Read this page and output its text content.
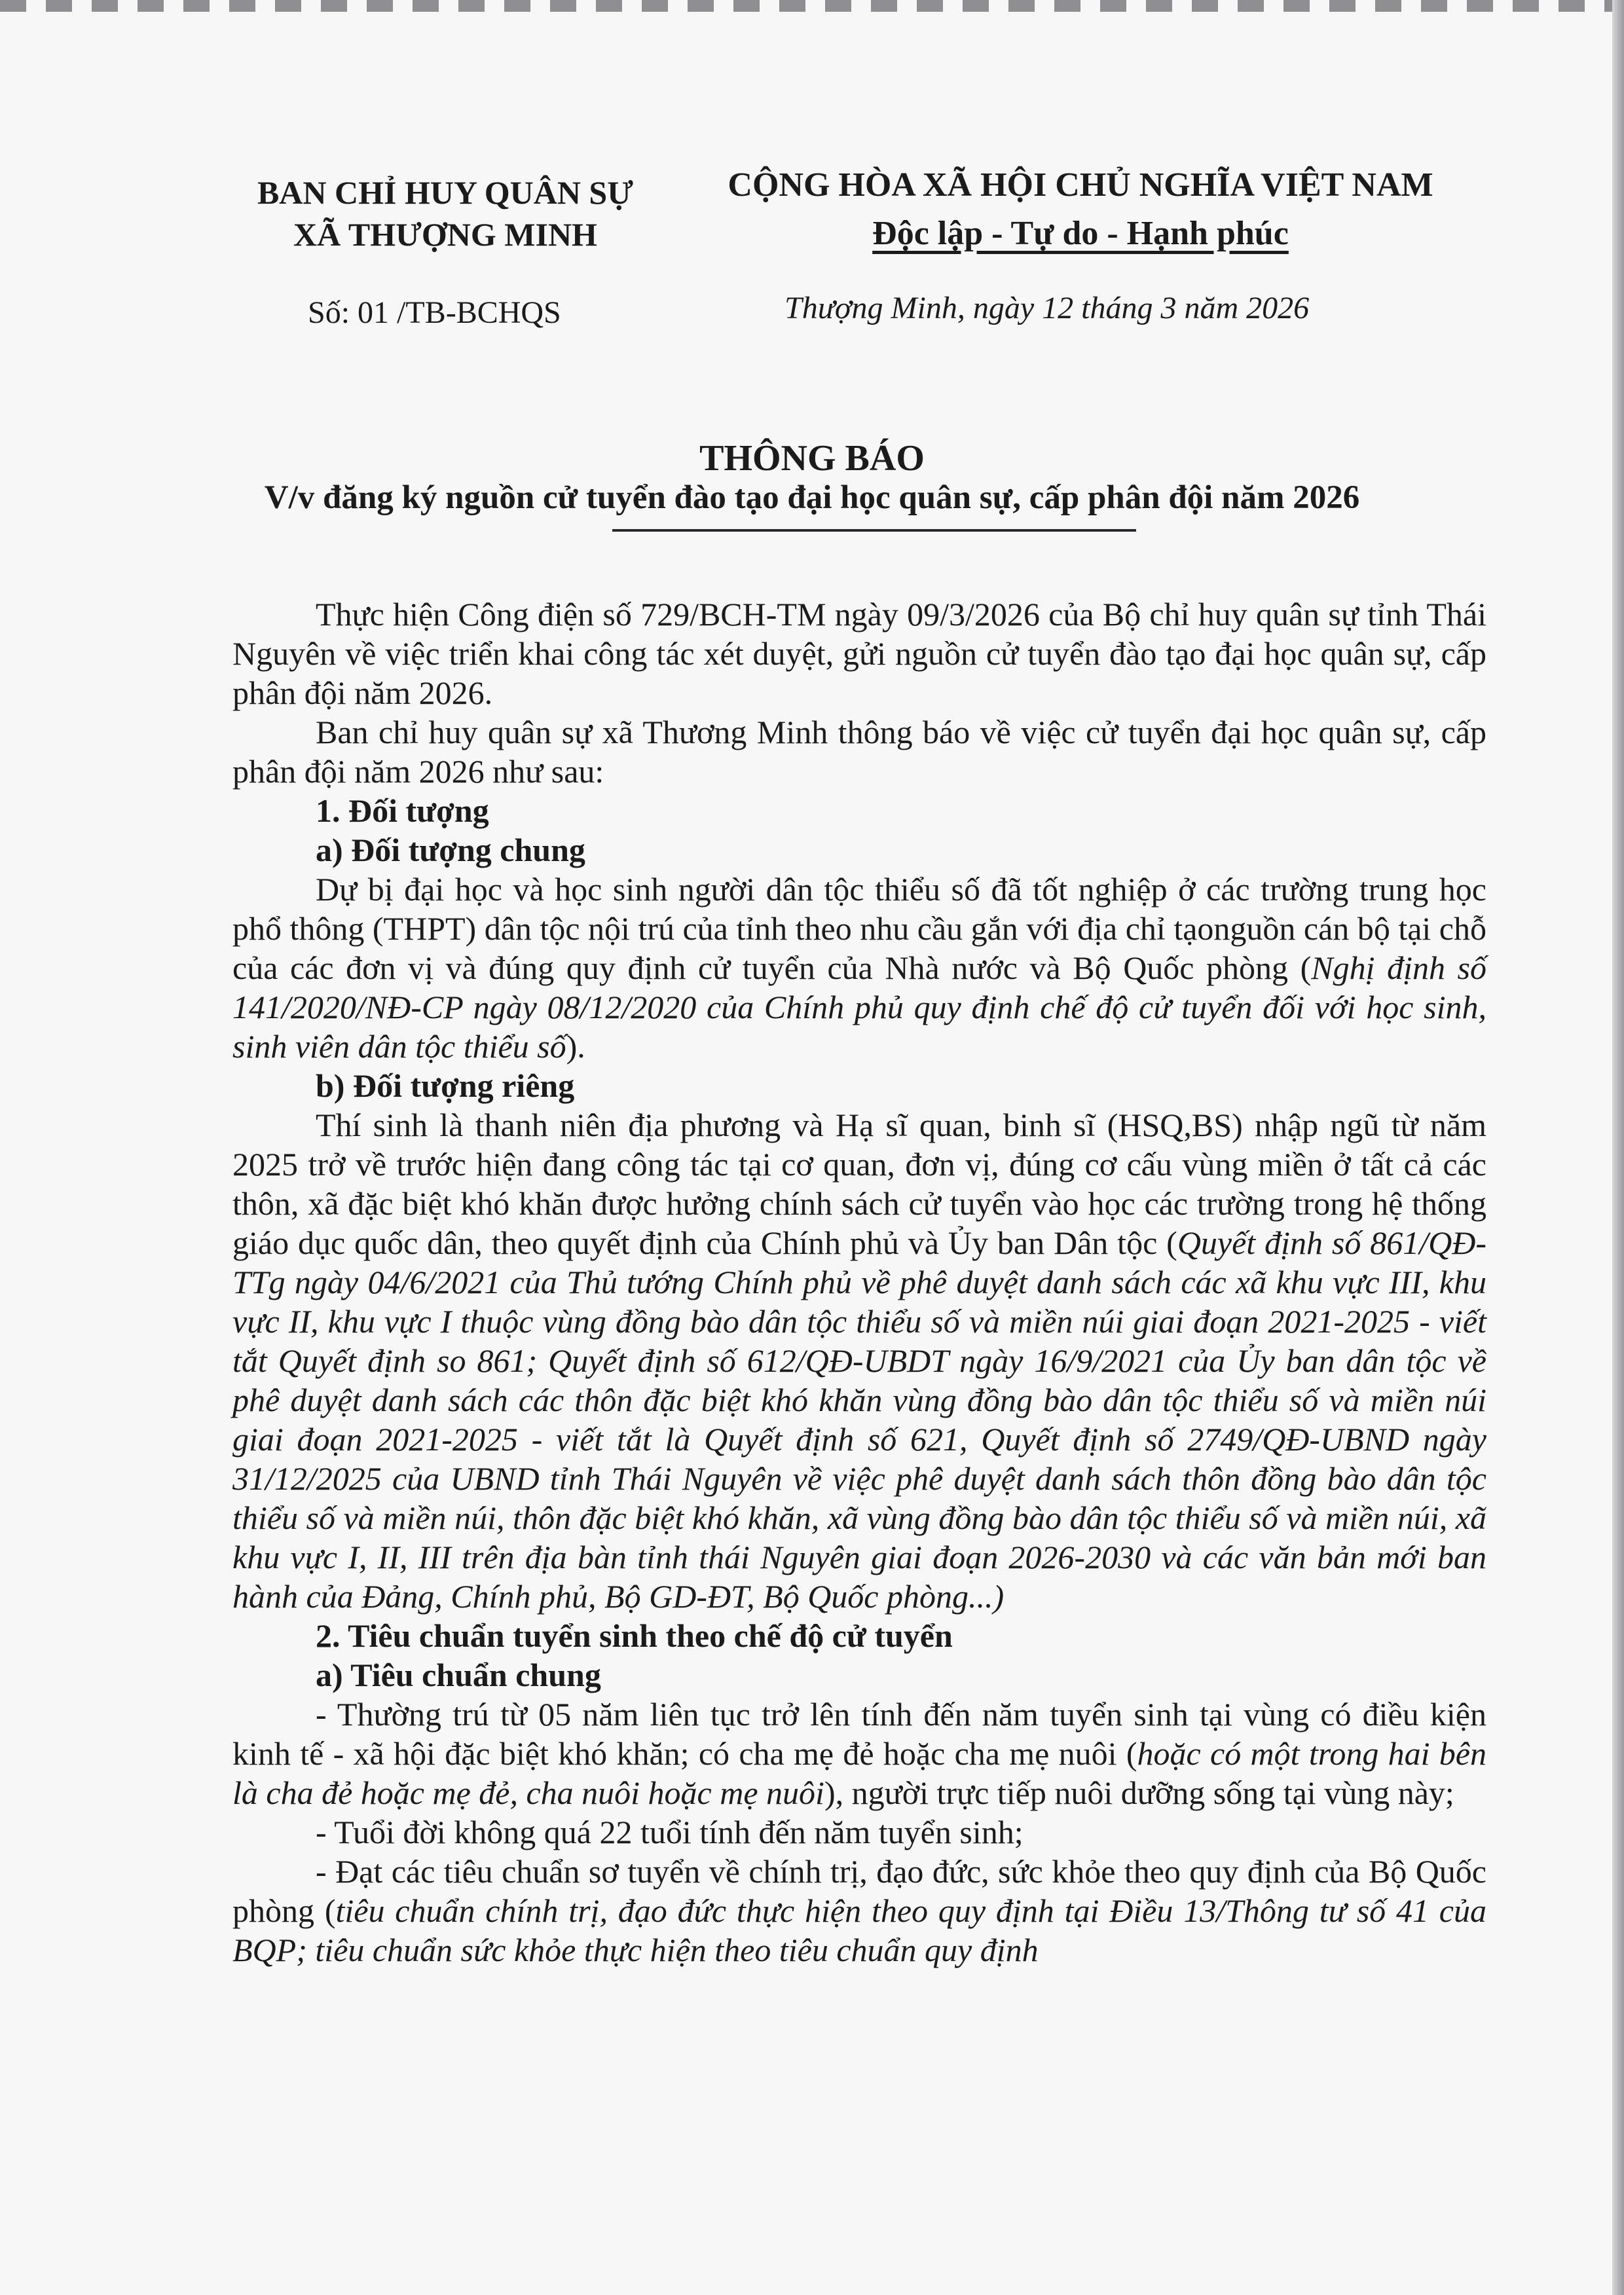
BAN CHỈ HUY QUÂN SỰ
XÃ THƯỢNG MINH
CỘNG HÒA XÃ HỘI CHỦ NGHĨA VIỆT NAM
Độc lập - Tự do - Hạnh phúc
Số: 01 /TB-BCHQS	Thượng Minh, ngày 12 tháng 3 năm 2026
THÔNG BÁO
V/v đăng ký nguồn cử tuyển đào tạo đại học quân sự, cấp phân đội năm 2026

Thực hiện Công điện số 729/BCH-TM ngày 09/3/2026 của Bộ chỉ huy quân sự tỉnh Thái Nguyên về việc triển khai công tác xét duyệt, gửi nguồn cử tuyển đào tạo đại học quân sự, cấp phân đội năm 2026.

Ban chỉ huy quân sự xã Thương Minh thông báo về việc cử tuyển đại học quân sự, cấp phân đội năm 2026 như sau:

1. Đối tượng

a) Đối tượng chung

Dự bị đại học và học sinh người dân tộc thiểu số đã tốt nghiệp ở các trường trung học phổ thông (THPT) dân tộc nội trú của tỉnh theo nhu cầu gắn với địa chỉ tạonguồn cán bộ tại chỗ của các đơn vị và đúng quy định cử tuyển của Nhà nước và Bộ Quốc phòng (Nghị định số 141/2020/NĐ-CP ngày 08/12/2020 của Chính phủ quy định chế độ cử tuyển đối với học sinh, sinh viên dân tộc thiểu số).

b) Đối tượng riêng

Thí sinh là thanh niên địa phương và Hạ sĩ quan, binh sĩ (HSQ,BS) nhập ngũ từ năm 2025 trở về trước hiện đang công tác tại cơ quan, đơn vị, đúng cơ cấu vùng miền ở tất cả các thôn, xã đặc biệt khó khăn được hưởng chính sách cử tuyển vào học các trường trong hệ thống giáo dục quốc dân, theo quyết định của Chính phủ và Ủy ban Dân tộc (Quyết định số 861/QĐ-TTg ngày 04/6/2021 của Thủ tướng Chính phủ về phê duyệt danh sách các xã khu vực III, khu vực II, khu vực I thuộc vùng đồng bào dân tộc thiểu số và miền núi giai đoạn 2021-2025 - viết tắt Quyết định so 861; Quyết định số 612/QĐ-UBDT ngày 16/9/2021 của Ủy ban dân tộc về phê duyệt danh sách các thôn đặc biệt khó khăn vùng đồng bào dân tộc thiểu số và miền núi giai đoạn 2021-2025 - viết tắt là Quyết định số 621, Quyết định số 2749/QĐ-UBND ngày 31/12/2025 của UBND tỉnh Thái Nguyên về việc phê duyệt danh sách thôn đồng bào dân tộc thiểu số và miền núi, thôn đặc biệt khó khăn, xã vùng đồng bào dân tộc thiểu số và miền núi, xã khu vực I, II, III trên địa bàn tỉnh thái Nguyên giai đoạn 2026-2030 và các văn bản mới ban hành của Đảng, Chính phủ, Bộ GD-ĐT, Bộ Quốc phòng...)

2. Tiêu chuẩn tuyển sinh theo chế độ cử tuyển

a) Tiêu chuẩn chung

- Thường trú từ 05 năm liên tục trở lên tính đến năm tuyển sinh tại vùng có điều kiện kinh tế - xã hội đặc biệt khó khăn; có cha mẹ đẻ hoặc cha mẹ nuôi (hoặc có một trong hai bên là cha đẻ hoặc mẹ đẻ, cha nuôi hoặc mẹ nuôi), người trực tiếp nuôi dưỡng sống tại vùng này;

- Tuổi đời không quá 22 tuổi tính đến năm tuyển sinh;

- Đạt các tiêu chuẩn sơ tuyển về chính trị, đạo đức, sức khỏe theo quy định của Bộ Quốc phòng (tiêu chuẩn chính trị, đạo đức thực hiện theo quy định tại Điều 13/Thông tư số 41 của BQP; tiêu chuẩn sức khỏe thực hiện theo tiêu chuẩn quy định
